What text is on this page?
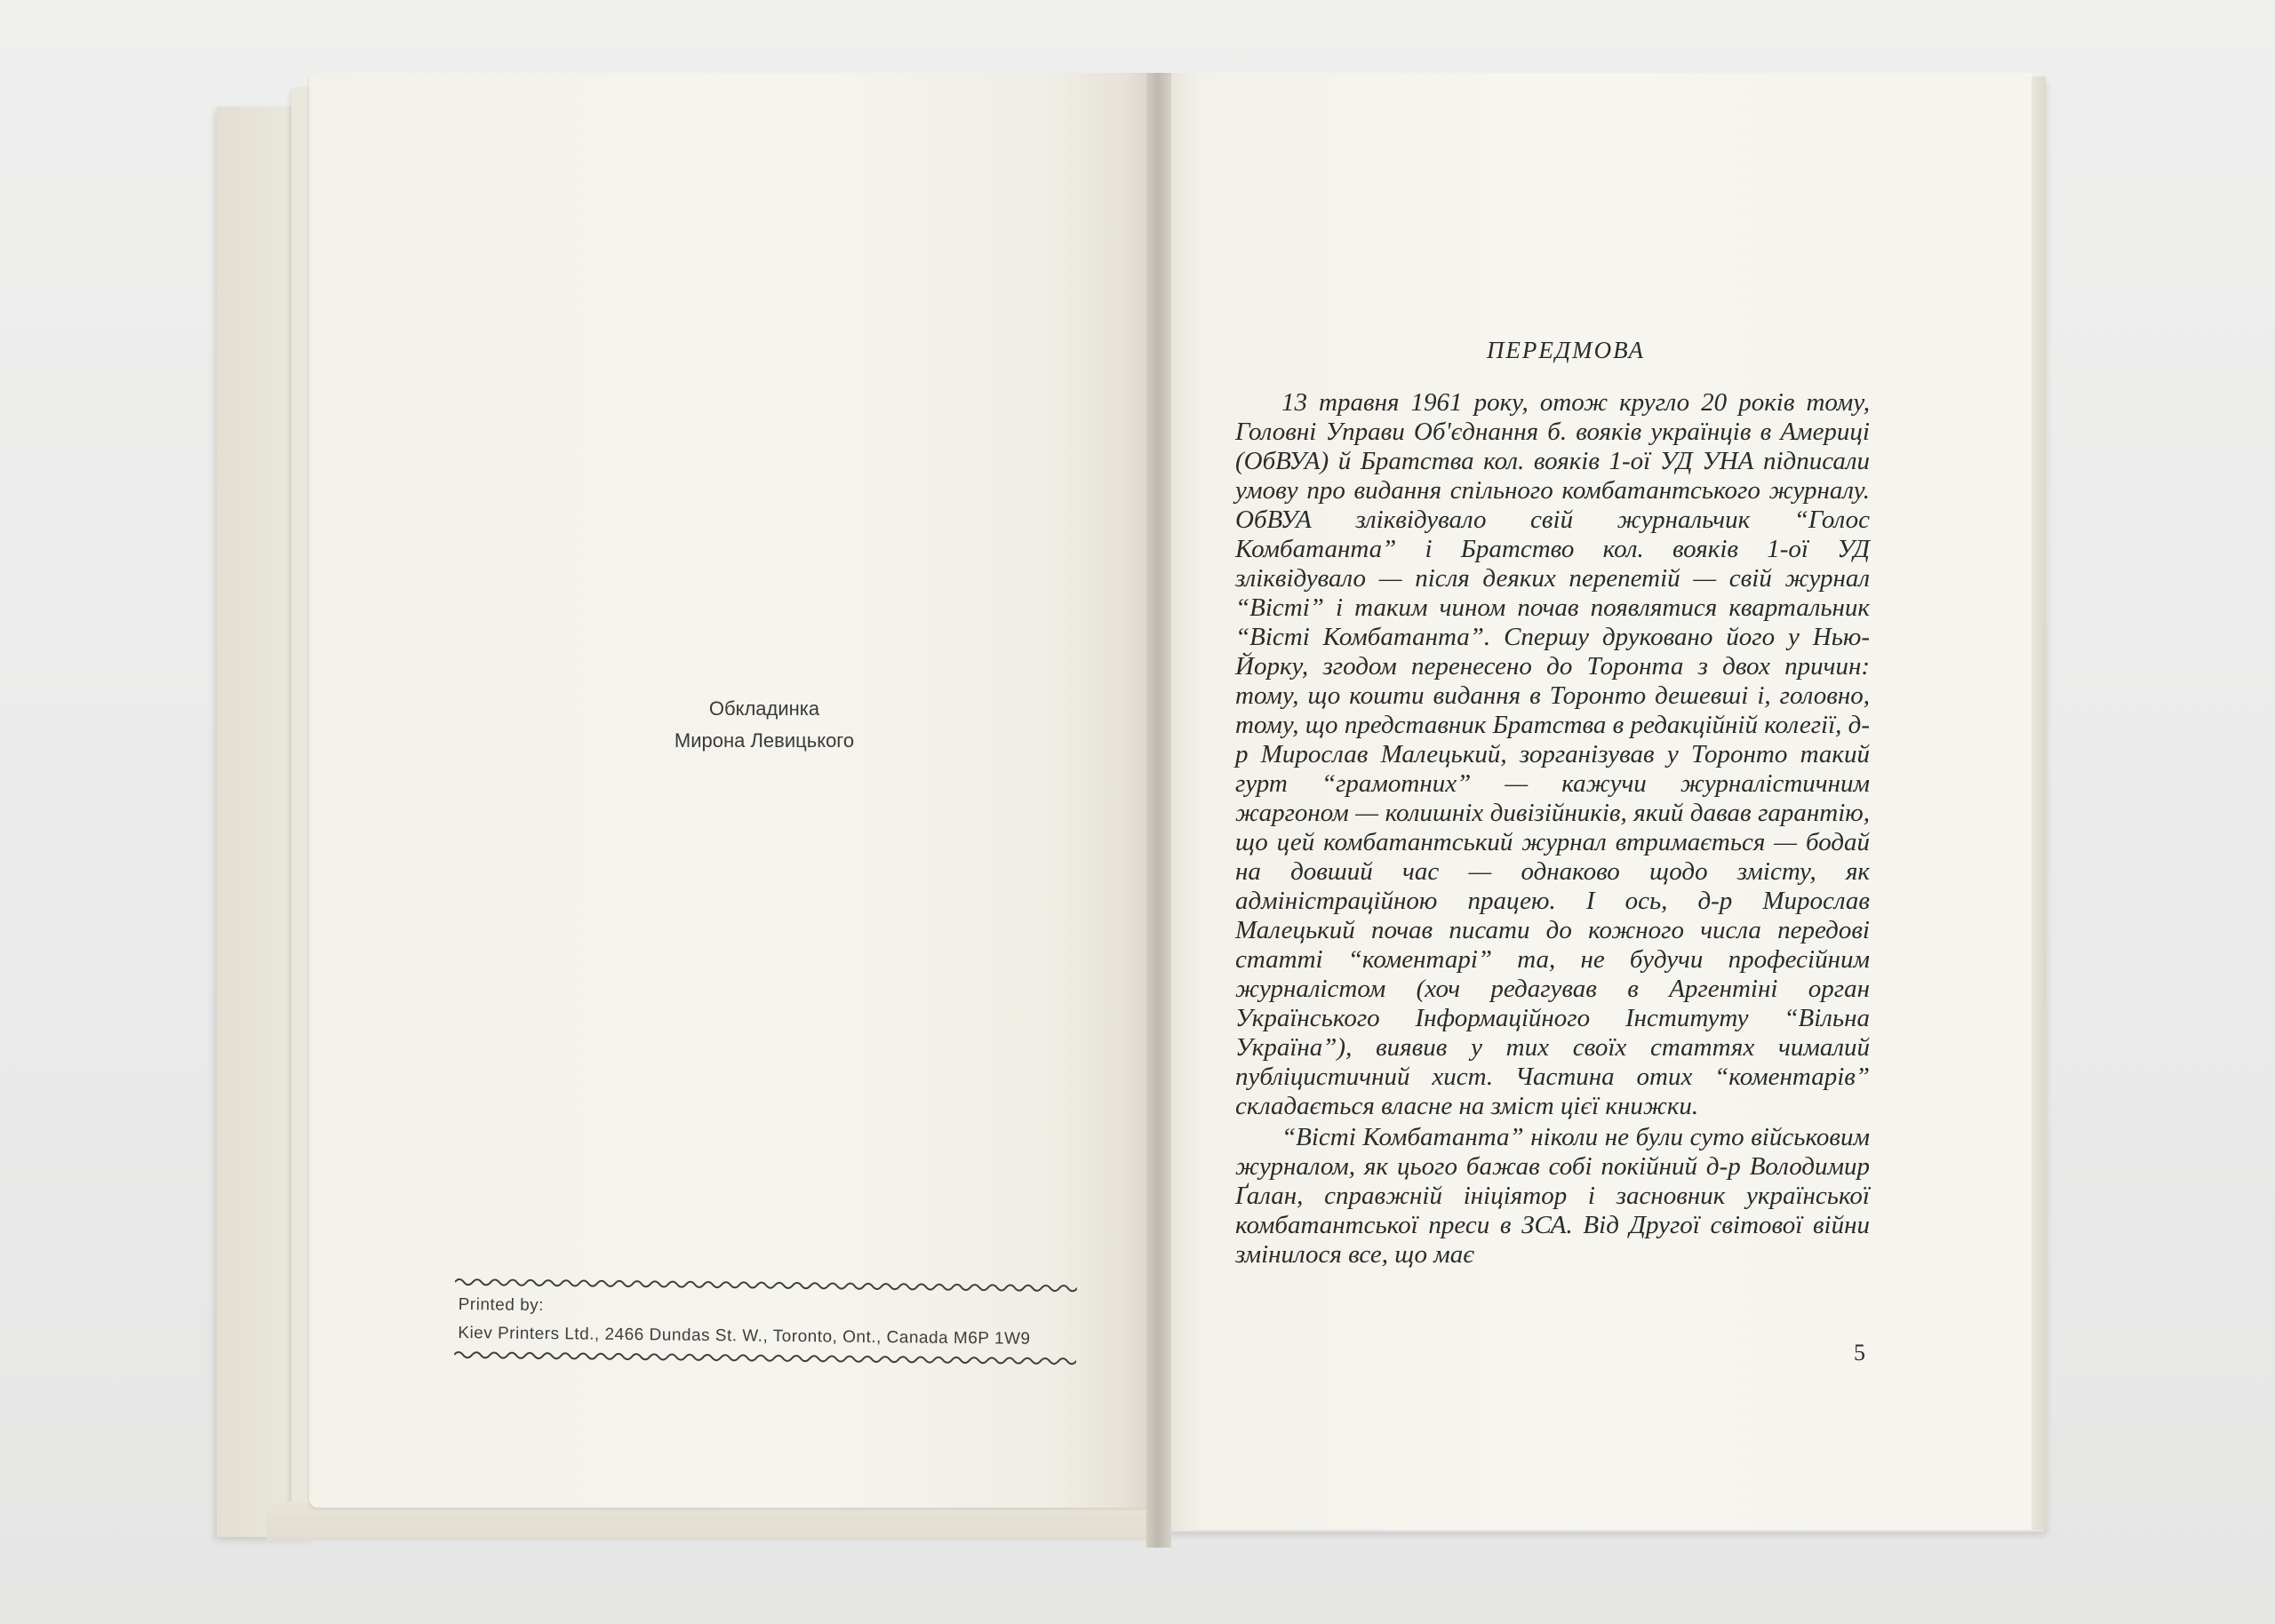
Обкладинка
Мирона Левицького
Printed by:
Kiev Printers Ltd., 2466 Dundas St. W., Toronto, Ont., Canada M6P 1W9
ПЕРЕДМОВА

13 травня 1961 року, отож кругло 20 років тому, Головні Управи Об'єднання б. вояків українців в Америці (ОбВУА) й Братства кол. вояків 1-ої УД УНА підписали умову про видання спільного комбатантського журналу. ОбВУА зліквідувало свій журнальчик “Голос Комбатанта” і Братство кол. вояків 1-ої УД зліквідувало — після деяких перепетій — свій журнал “Вісті” і таким чином почав появлятися квартальник “Вісті Комбатанта”. Спершу друковано його у Нью-Йорку, згодом перенесено до Торонта з двох причин: тому, що кошти видання в Торонто дешевші і, головно, тому, що представник Братства в редакційній колегії, д-р Мирослав Малецький, зорганізував у Торонто такий гурт “грамотних” — кажучи журналістичним жаргоном — колишніх дивізійників, який давав гарантію, що цей комбатантський журнал втримається — бодай на довший час — однаково щодо змісту, як адміністраційною працею. І ось, д-р Мирослав Малецький почав писати до кожного числа передові статті “коментарі” та, не будучи професійним журналістом (хоч редагував в Аргентіні орган Українського Інформаційного Інституту “Вільна Україна”), виявив у тих своїх статтях чималий публіцистичний хист. Частина отих “коментарів” складається власне на зміст цієї книжки.

“Вісті Комбатанта” ніколи не були суто військовим журналом, як цього бажав собі покійний д-р Володимир Ґалан, справжній ініціятор і засновник української комбатантської преси в ЗСА. Від Другої світової війни змінилося все, що має

5
